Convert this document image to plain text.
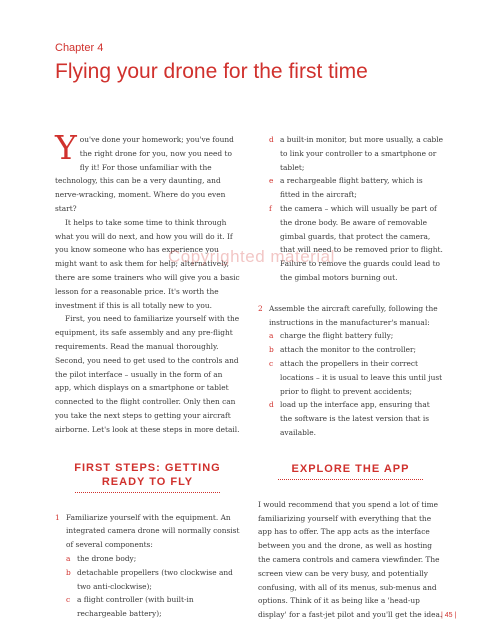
Chapter 4
Flying your drone for the first time

You've done your homework; you've found the right drone for you, now you need to fly it! For those unfamiliar with the technology, this can be a very daunting, and nerve-wracking, moment. Where do you even start?

It helps to take some time to think through what you will do next, and how you will do it. If you know someone who has experience you might want to ask them for help; alternatively, there are some trainers who will give you a basic lesson for a reasonable price. It's worth the investment if this is all totally new to you.

First, you need to familiarize yourself with the equipment, its safe assembly and any pre-flight requirements. Read the manual thoroughly. Second, you need to get used to the controls and the pilot interface – usually in the form of an app, which displays on a smartphone or tablet connected to the flight controller. Only then can you take the next steps to getting your aircraft airborne. Let's look at these steps in more detail.

FIRST STEPS: GETTING READY TO FLY
1 Familiarize yourself with the equipment. An integrated camera drone will normally consist of several components:
a the drone body;
b detachable propellers (two clockwise and two anti-clockwise);
c a flight controller (with built-in rechargeable battery);
d a built-in monitor, but more usually, a cable to link your controller to a smartphone or tablet;
e a rechargeable flight battery, which is fitted in the aircraft;
f the camera – which will usually be part of the drone body. Be aware of removable gimbal guards, that protect the camera, that will need to be removed prior to flight. Failure to remove the guards could lead to the gimbal motors burning out.
2 Assemble the aircraft carefully, following the instructions in the manufacturer's manual:
a charge the flight battery fully;
b attach the monitor to the controller;
c attach the propellers in their correct locations – it is usual to leave this until just prior to flight to prevent accidents;
d load up the interface app, ensuring that the software is the latest version that is available.
EXPLORE THE APP

I would recommend that you spend a lot of time familiarizing yourself with everything that the app has to offer. The app acts as the interface between you and the drone, as well as hosting the camera controls and camera viewfinder. The screen view can be very busy, and potentially confusing, with all of its menus, sub-menus and options. Think of it as being like a 'head-up display' for a fast-jet pilot and you'll get the idea.

Copyrighted material
| 45 |
